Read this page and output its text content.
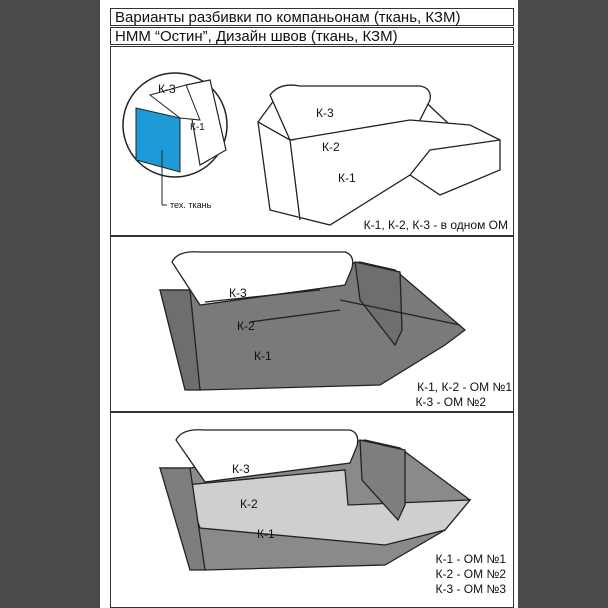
Варианты разбивки по компаньонам (ткань, КЗМ)
НММ “Остин”, Дизайн швов (ткань, КЗМ)
К-3
К-1
тех. ткань
К-3
К-2
К-1
К-1, К-2, К-3 - в одном ОМ
К-3
К-2
К-1
К-1, К-2 - ОМ №1
К-3 - ОМ №2
К-3
К-2
К-1
К-1 - ОМ №1
К-2 - ОМ №2
К-3 - ОМ №3
